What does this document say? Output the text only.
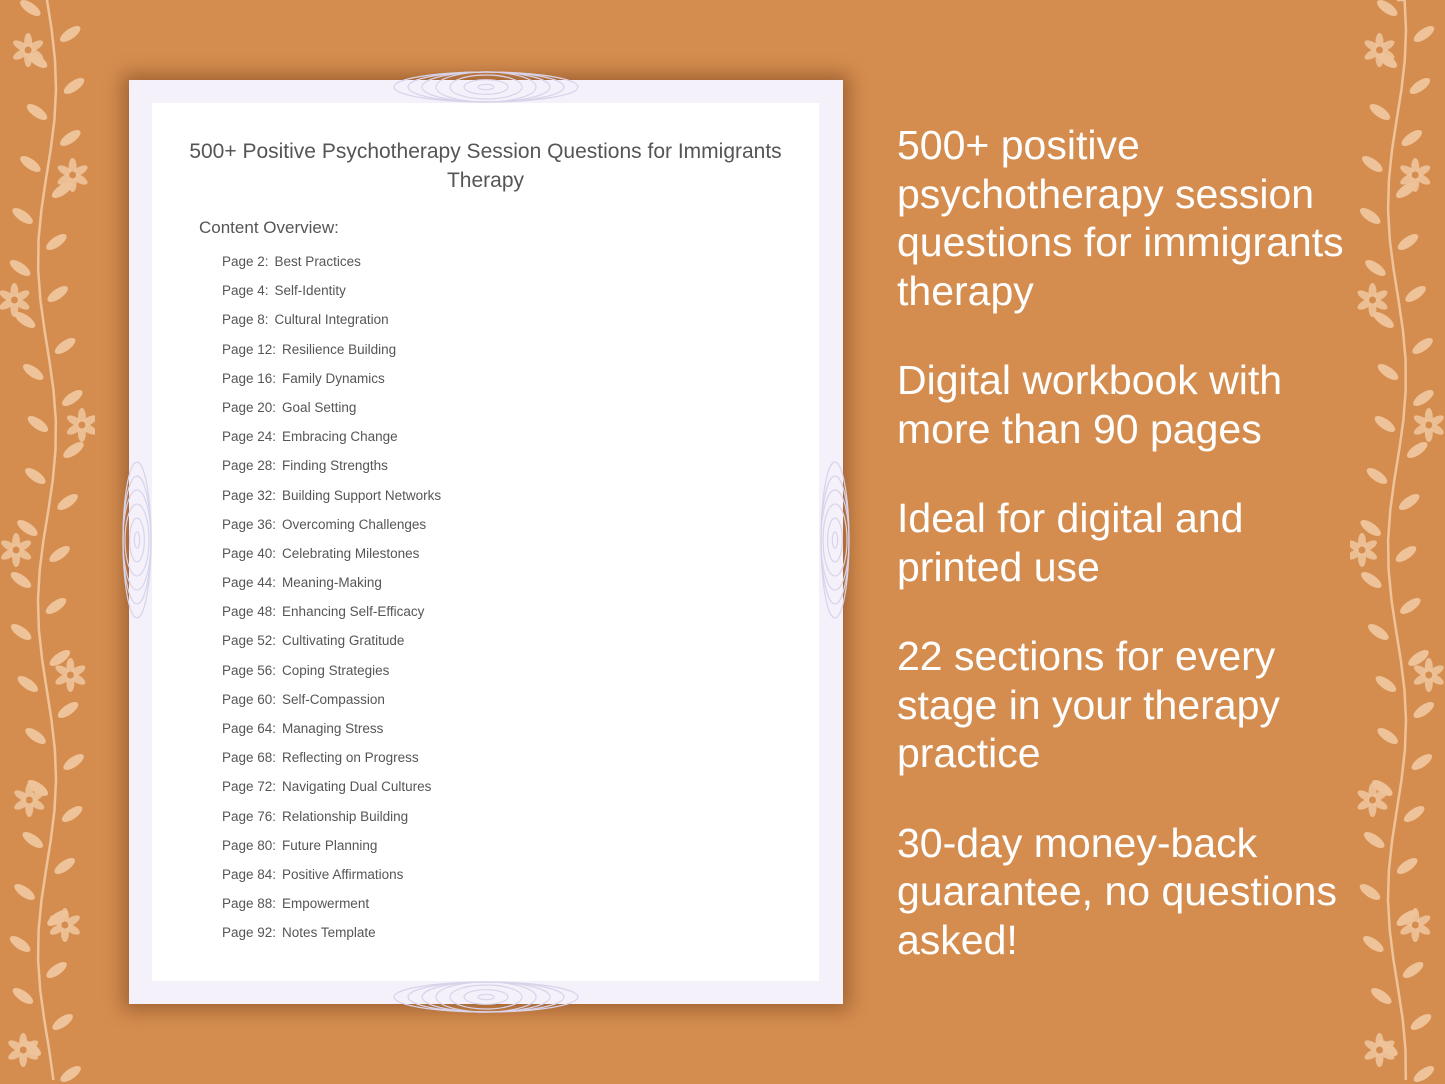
500+ Positive Psychotherapy Session Questions for Immigrants Therapy
Content Overview:
Page 2: Best Practices
Page 4: Self-Identity
Page 8: Cultural Integration
Page 12: Resilience Building
Page 16: Family Dynamics
Page 20: Goal Setting
Page 24: Embracing Change
Page 28: Finding Strengths
Page 32: Building Support Networks
Page 36: Overcoming Challenges
Page 40: Celebrating Milestones
Page 44: Meaning-Making
Page 48: Enhancing Self-Efficacy
Page 52: Cultivating Gratitude
Page 56: Coping Strategies
Page 60: Self-Compassion
Page 64: Managing Stress
Page 68: Reflecting on Progress
Page 72: Navigating Dual Cultures
Page 76: Relationship Building
Page 80: Future Planning
Page 84: Positive Affirmations
Page 88: Empowerment
Page 92: Notes Template

500+ positive psychotherapy session questions for immigrants therapy

Digital workbook with more than 90 pages

Ideal for digital and printed use

22 sections for every stage in your therapy practice

30-day money-back guarantee, no questions asked!
